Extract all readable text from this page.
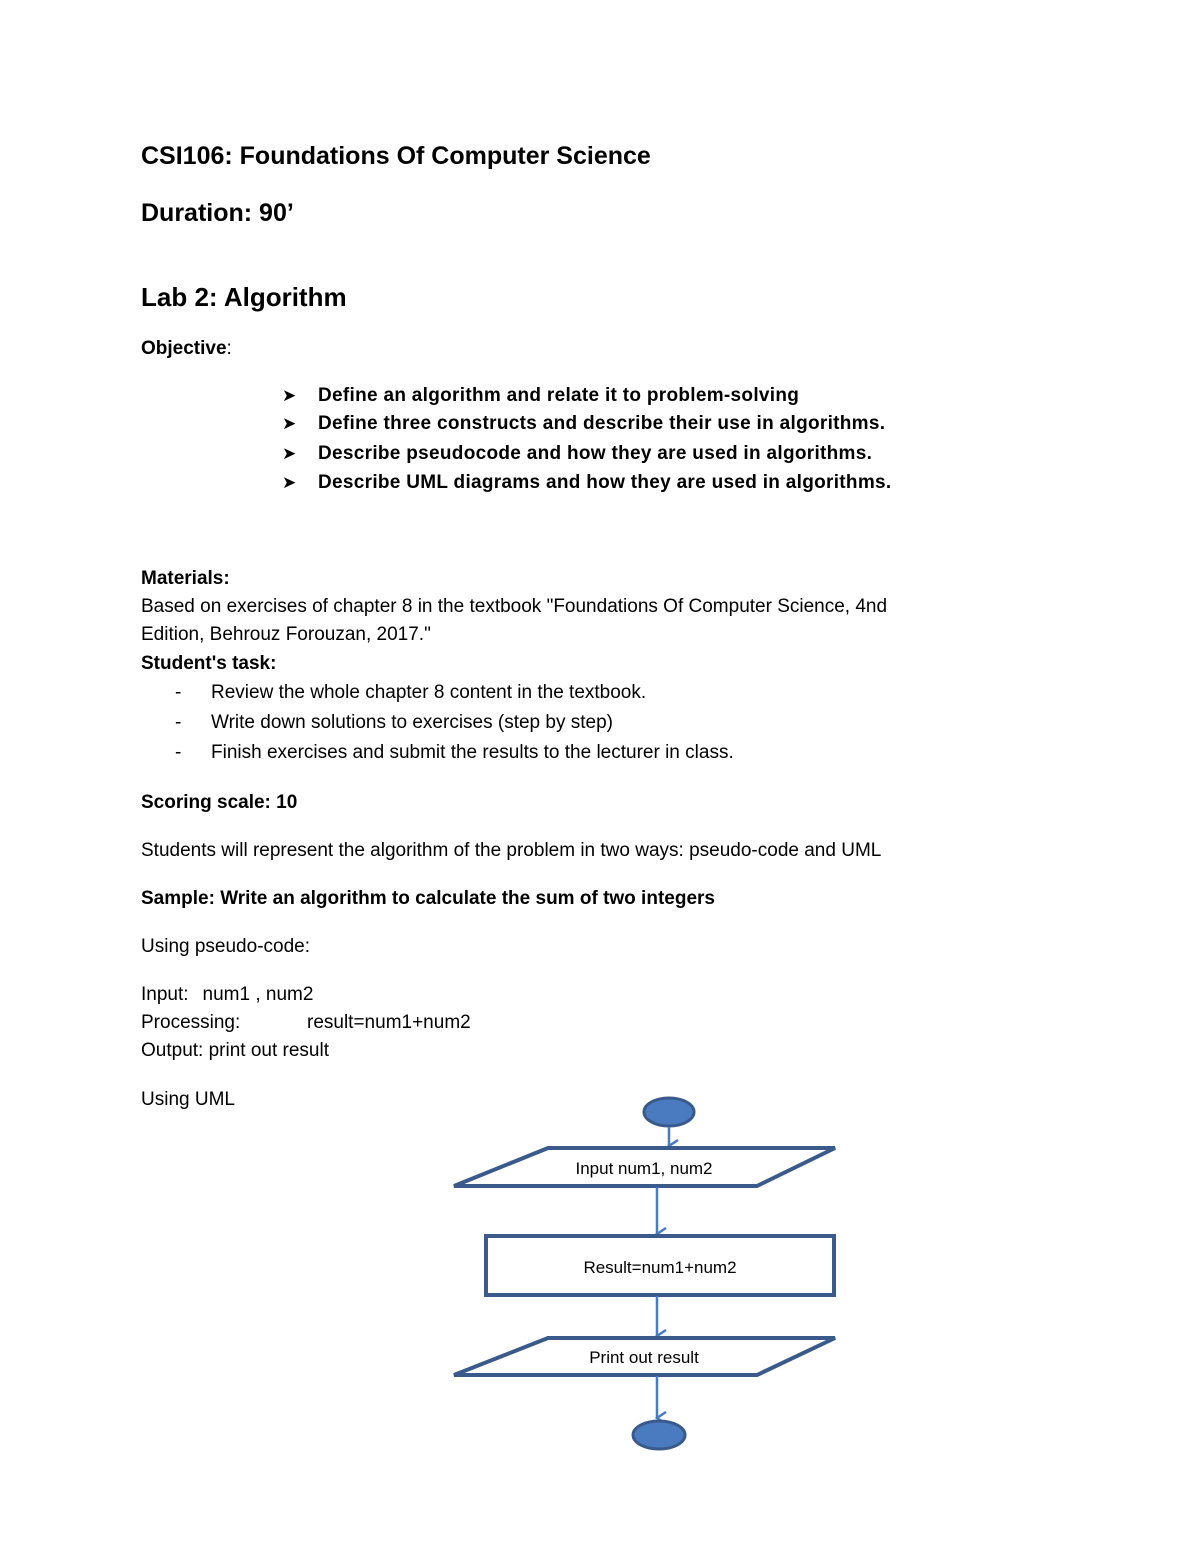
CSI106: Foundations Of Computer Science
Duration: 90’
Lab 2: Algorithm
Objective:
➤	Define an algorithm and relate it to problem-solving
➤	Define three constructs and describe their use in algorithms.
➤	Describe pseudocode and how they are used in algorithms.
➤	Describe UML diagrams and how they are used in algorithms.
Materials:
Based on exercises of chapter 8 in the textbook "Foundations Of Computer Science, 4nd
Edition, Behrouz Forouzan, 2017."
Student's task:
-	Review the whole chapter 8 content in the textbook.
-	Write down solutions to exercises (step by step)
-	Finish exercises and submit the results to the lecturer in class.
Scoring scale: 10
Students will represent the algorithm of the problem in two ways: pseudo-code and UML
Sample: Write an algorithm to calculate the sum of two integers
Using pseudo-code:
Input: num1 , num2
Processing:	result=num1+num2
Output: print out result
Using UML
Input num1, num2
Result=num1+num2
Print out result
